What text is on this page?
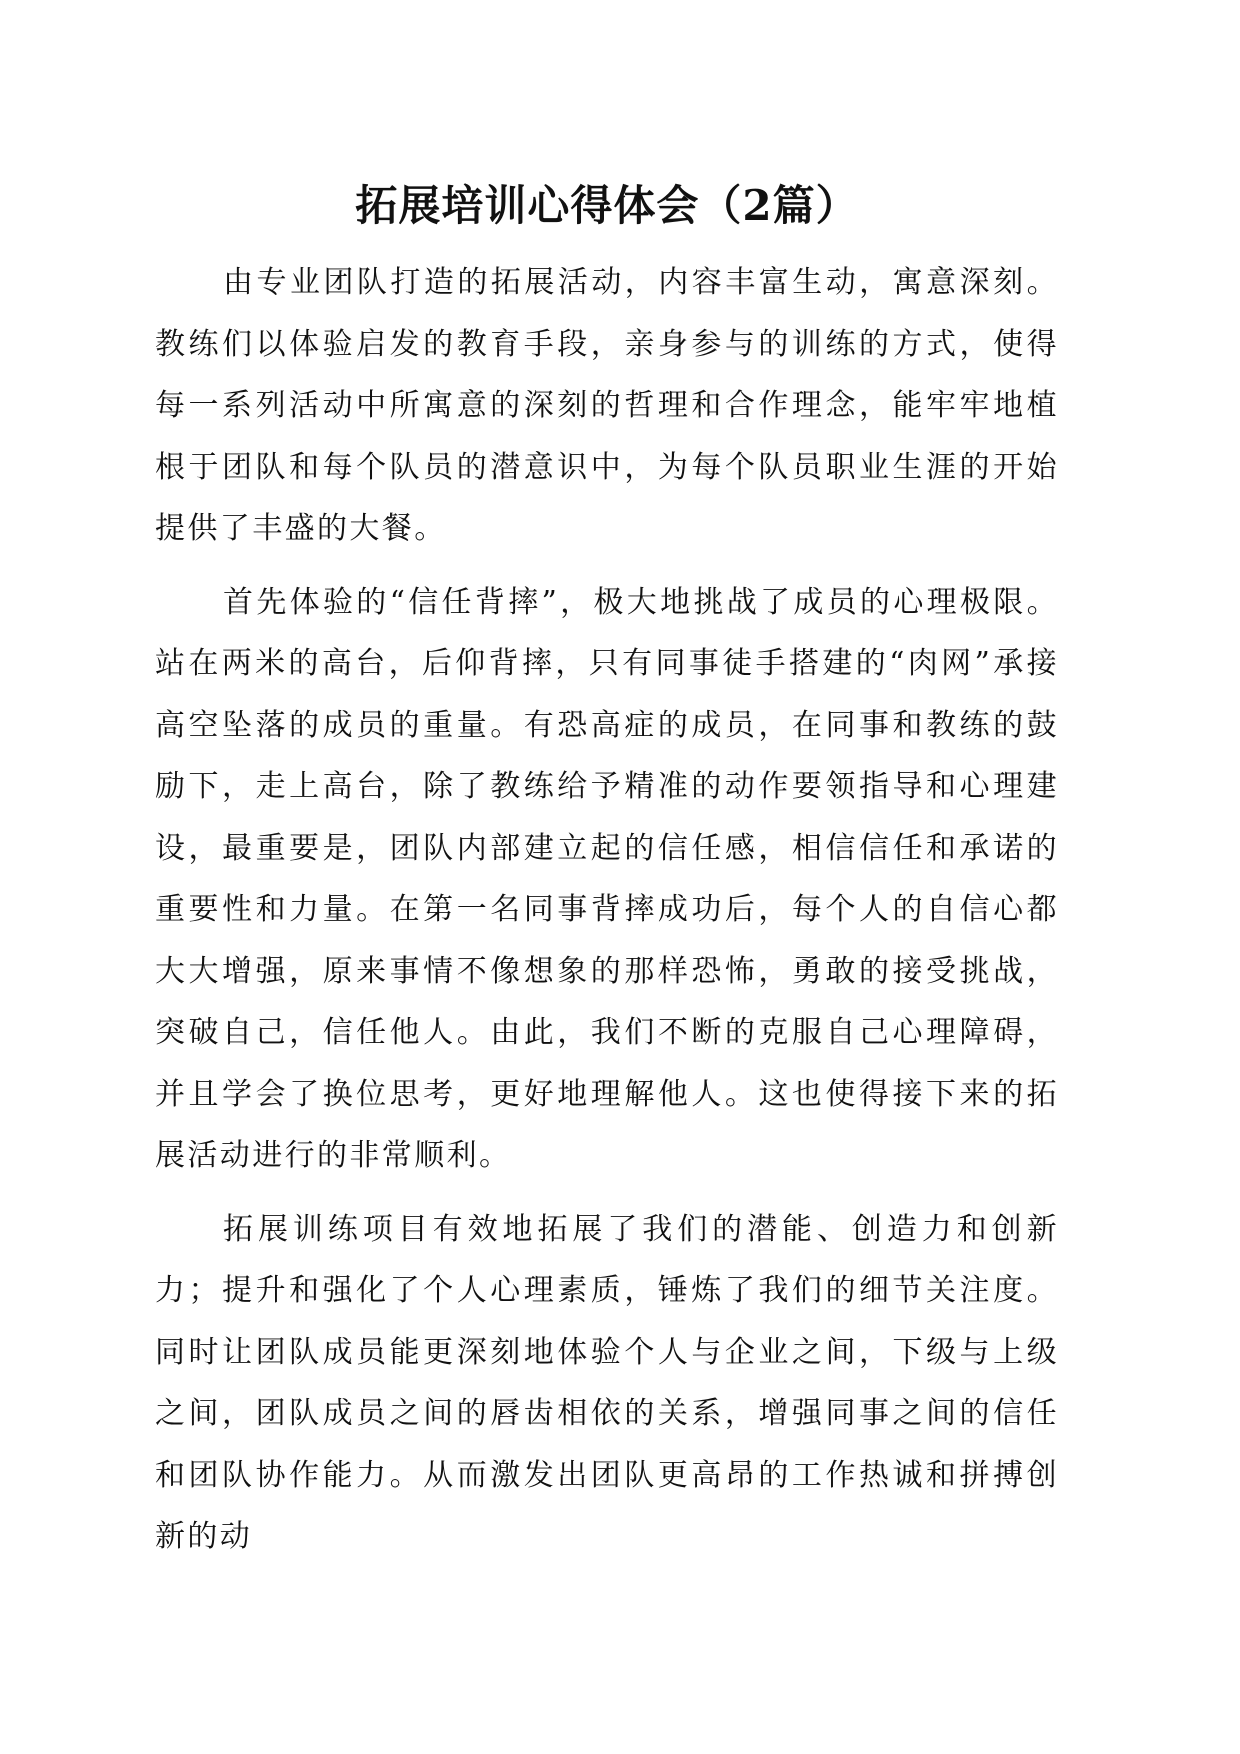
拓展培训心得体会（2篇）

由专业团队打造的拓展活动，内容丰富生动，寓意深刻。教练们以体验启发的教育手段，亲身参与的训练的方式，使得每一系列活动中所寓意的深刻的哲理和合作理念，能牢牢地植根于团队和每个队员的潜意识中，为每个队员职业生涯的开始提供了丰盛的大餐。

首先体验的“信任背摔”，极大地挑战了成员的心理极限。站在两米的高台，后仰背摔，只有同事徒手搭建的“肉网”承接高空坠落的成员的重量。有恐高症的成员，在同事和教练的鼓励下，走上高台，除了教练给予精准的动作要领指导和心理建设，最重要是，团队内部建立起的信任感，相信信任和承诺的重要性和力量。在第一名同事背摔成功后，每个人的自信心都大大增强，原来事情不像想象的那样恐怖，勇敢的接受挑战，突破自己，信任他人。由此，我们不断的克服自己心理障碍，并且学会了换位思考，更好地理解他人。这也使得接下来的拓展活动进行的非常顺利。

拓展训练项目有效地拓展了我们的潜能、创造力和创新力；提升和强化了个人心理素质，锤炼了我们的细节关注度。同时让团队成员能更深刻地体验个人与企业之间，下级与上级之间，团队成员之间的唇齿相依的关系，增强同事之间的信任和团队协作能力。从而激发出团队更高昂的工作热诚和拼搏创新的动
